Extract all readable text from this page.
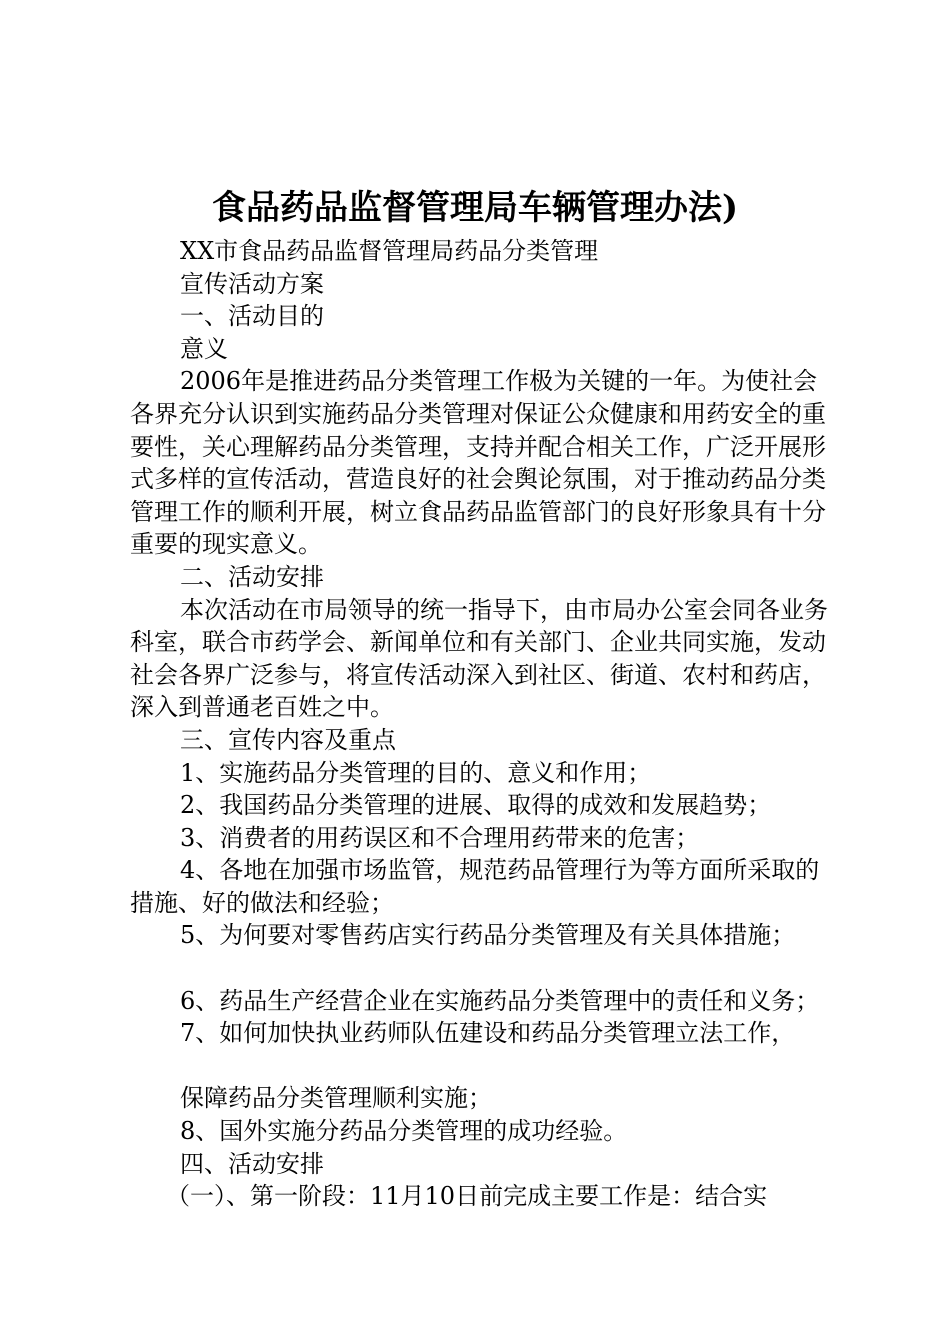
食品药品监督管理局车辆管理办法)

XX市食品药品监督管理局药品分类管理

宣传活动方案

一、活动目的

意义

2006年是推进药品分类管理工作极为关键的一年。为使社会各界充分认识到实施药品分类管理对保证公众健康和用药安全的重要性，关心理解药品分类管理，支持并配合相关工作，广泛开展形式多样的宣传活动，营造良好的社会舆论氛围，对于推动药品分类管理工作的顺利开展，树立食品药品监管部门的良好形象具有十分重要的现实意义。

二、活动安排

本次活动在市局领导的统一指导下，由市局办公室会同各业务科室，联合市药学会、新闻单位和有关部门、企业共同实施，发动社会各界广泛参与，将宣传活动深入到社区、街道、农村和药店，深入到普通老百姓之中。

三、宣传内容及重点

1、实施药品分类管理的目的、意义和作用；

2、我国药品分类管理的进展、取得的成效和发展趋势；

3、消费者的用药误区和不合理用药带来的危害；

4、各地在加强市场监管，规范药品管理行为等方面所采取的措施、好的做法和经验；

5、为何要对零售药店实行药品分类管理及有关具体措施；

6、药品生产经营企业在实施药品分类管理中的责任和义务；

7、如何加快执业药师队伍建设和药品分类管理立法工作，

保障药品分类管理顺利实施；

8、国外实施分药品分类管理的成功经验。

四、活动安排

（一）、第一阶段：11月10日前完成主要工作是：结合实
